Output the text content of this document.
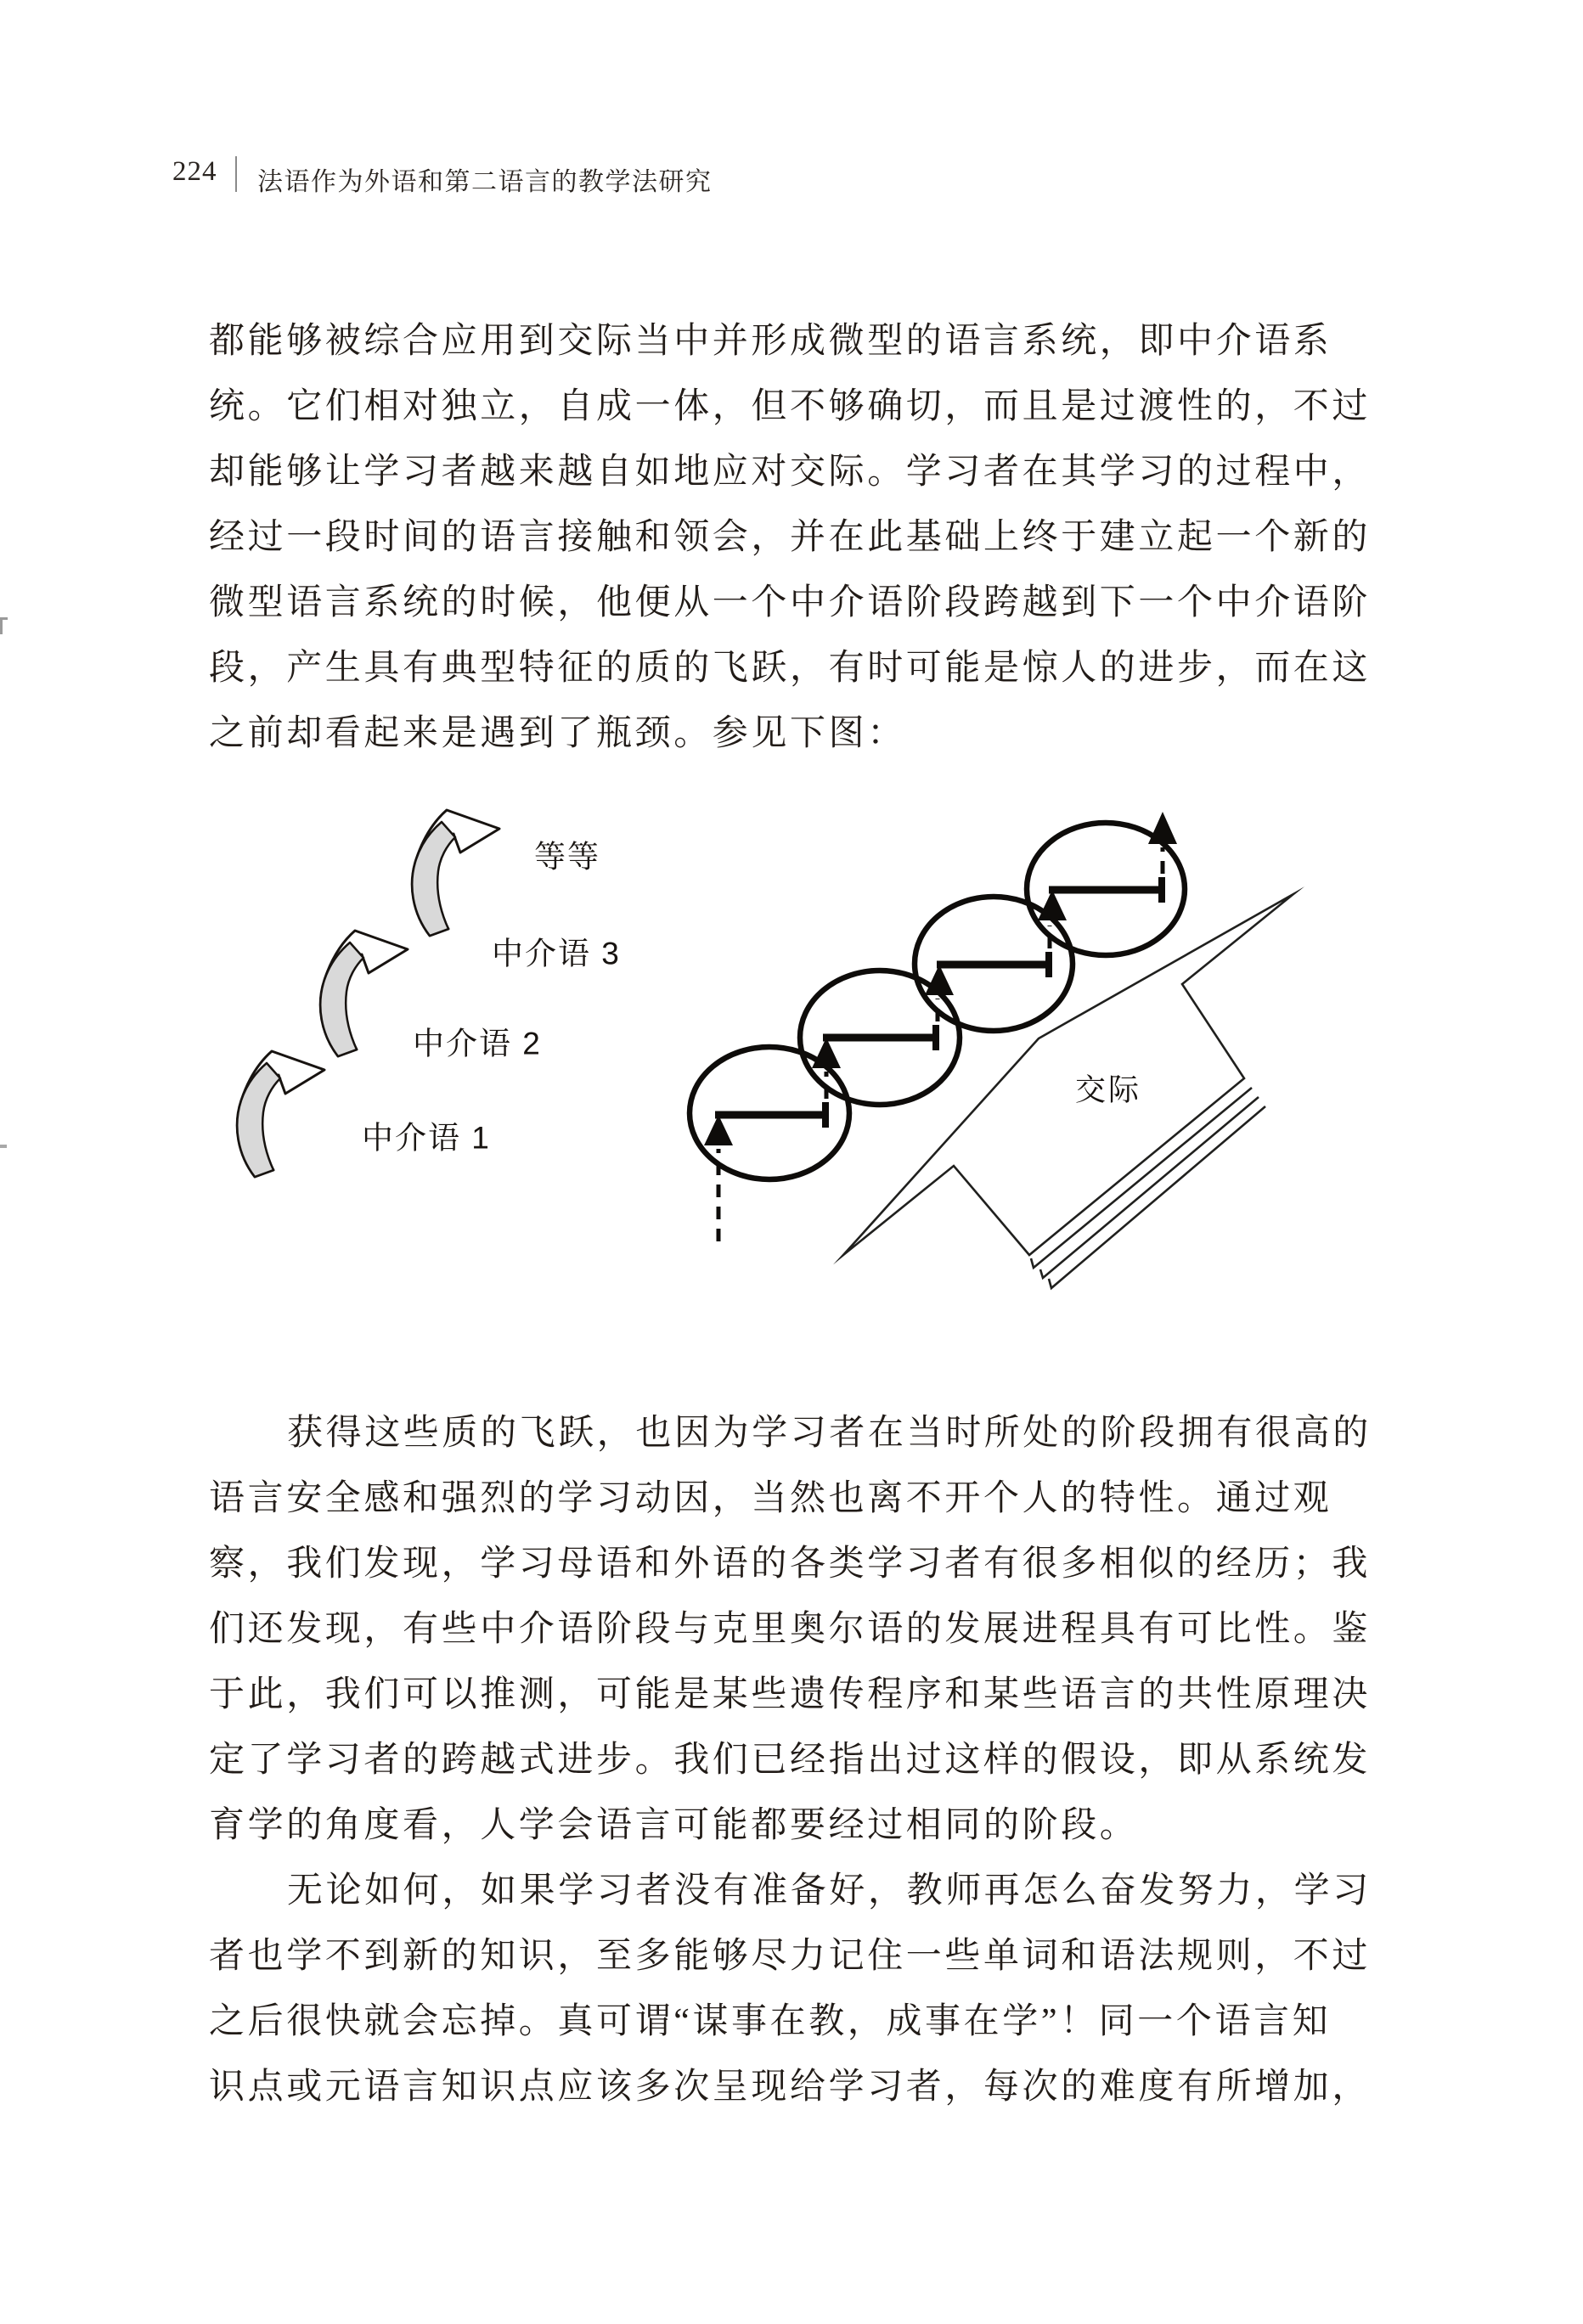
224 法语作为外语和第二语言的教学法研究
都能够被综合应用到交际当中并形成微型的语言系统，即中介语系
统。它们相对独立，自成一体，但不够确切，而且是过渡性的，不过
却能够让学习者越来越自如地应对交际。学习者在其学习的过程中，
经过一段时间的语言接触和领会，并在此基础上终于建立起一个新的
微型语言系统的时候，他便从一个中介语阶段跨越到下一个中介语阶
段，产生具有典型特征的质的飞跃，有时可能是惊人的进步，而在这
之前却看起来是遇到了瓶颈。参见下图：
交际
中介语 1
中介语 2
中介语 3
等等
获得这些质的飞跃，也因为学习者在当时所处的阶段拥有很高的
语言安全感和强烈的学习动因，当然也离不开个人的特性。通过观
察，我们发现，学习母语和外语的各类学习者有很多相似的经历；我
们还发现，有些中介语阶段与克里奥尔语的发展进程具有可比性。鉴
于此，我们可以推测，可能是某些遗传程序和某些语言的共性原理决
定了学习者的跨越式进步。我们已经指出过这样的假设，即从系统发
育学的角度看，人学会语言可能都要经过相同的阶段。
无论如何，如果学习者没有准备好，教师再怎么奋发努力，学习
者也学不到新的知识，至多能够尽力记住一些单词和语法规则，不过
之后很快就会忘掉。真可谓“谋事在教，成事在学”！同一个语言知
识点或元语言知识点应该多次呈现给学习者，每次的难度有所增加，
